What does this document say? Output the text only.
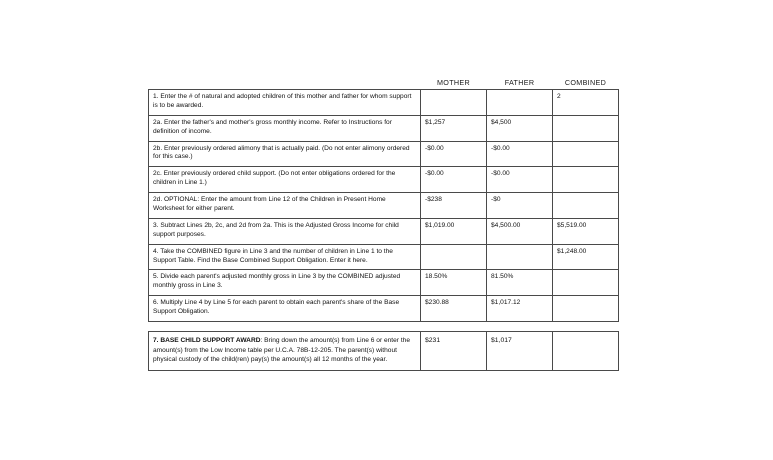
	MOTHER	FATHER	COMBINED
1. Enter the # of natural and adopted children of this mother and father for whom support is to be awarded.			2
2a. Enter the father's and mother's gross monthly income. Refer to Instructions for definition of income.	$1,257	$4,500	
2b. Enter previously ordered alimony that is actually paid. (Do not enter alimony ordered for this case.)	-$0.00	-$0.00	
2c. Enter previously ordered child support. (Do not enter obligations ordered for the children in Line 1.)	-$0.00	-$0.00	
2d. OPTIONAL: Enter the amount from Line 12 of the Children in Present Home Worksheet for either parent.	-$238	-$0	
3. Subtract Lines 2b, 2c, and 2d from 2a. This is the Adjusted Gross Income for child support purposes.	$1,019.00	$4,500.00	$5,519.00
4. Take the COMBINED figure in Line 3 and the number of children in Line 1 to the Support Table. Find the Base Combined Support Obligation. Enter it here.			$1,248.00
5. Divide each parent's adjusted monthly gross in Line 3 by the COMBINED adjusted monthly gross in Line 3.	18.50%	81.50%	
6. Multiply Line 4 by Line 5 for each parent to obtain each parent's share of the Base Support Obligation.	$230.88	$1,017.12	
7. BASE CHILD SUPPORT AWARD: Bring down the amount(s) from Line 6 or enter the amount(s) from the Low Income table per U.C.A. 78B-12-205. The parent(s) without physical custody of the child(ren) pay(s) the amount(s) all 12 months of the year.	$231	$1,017	
